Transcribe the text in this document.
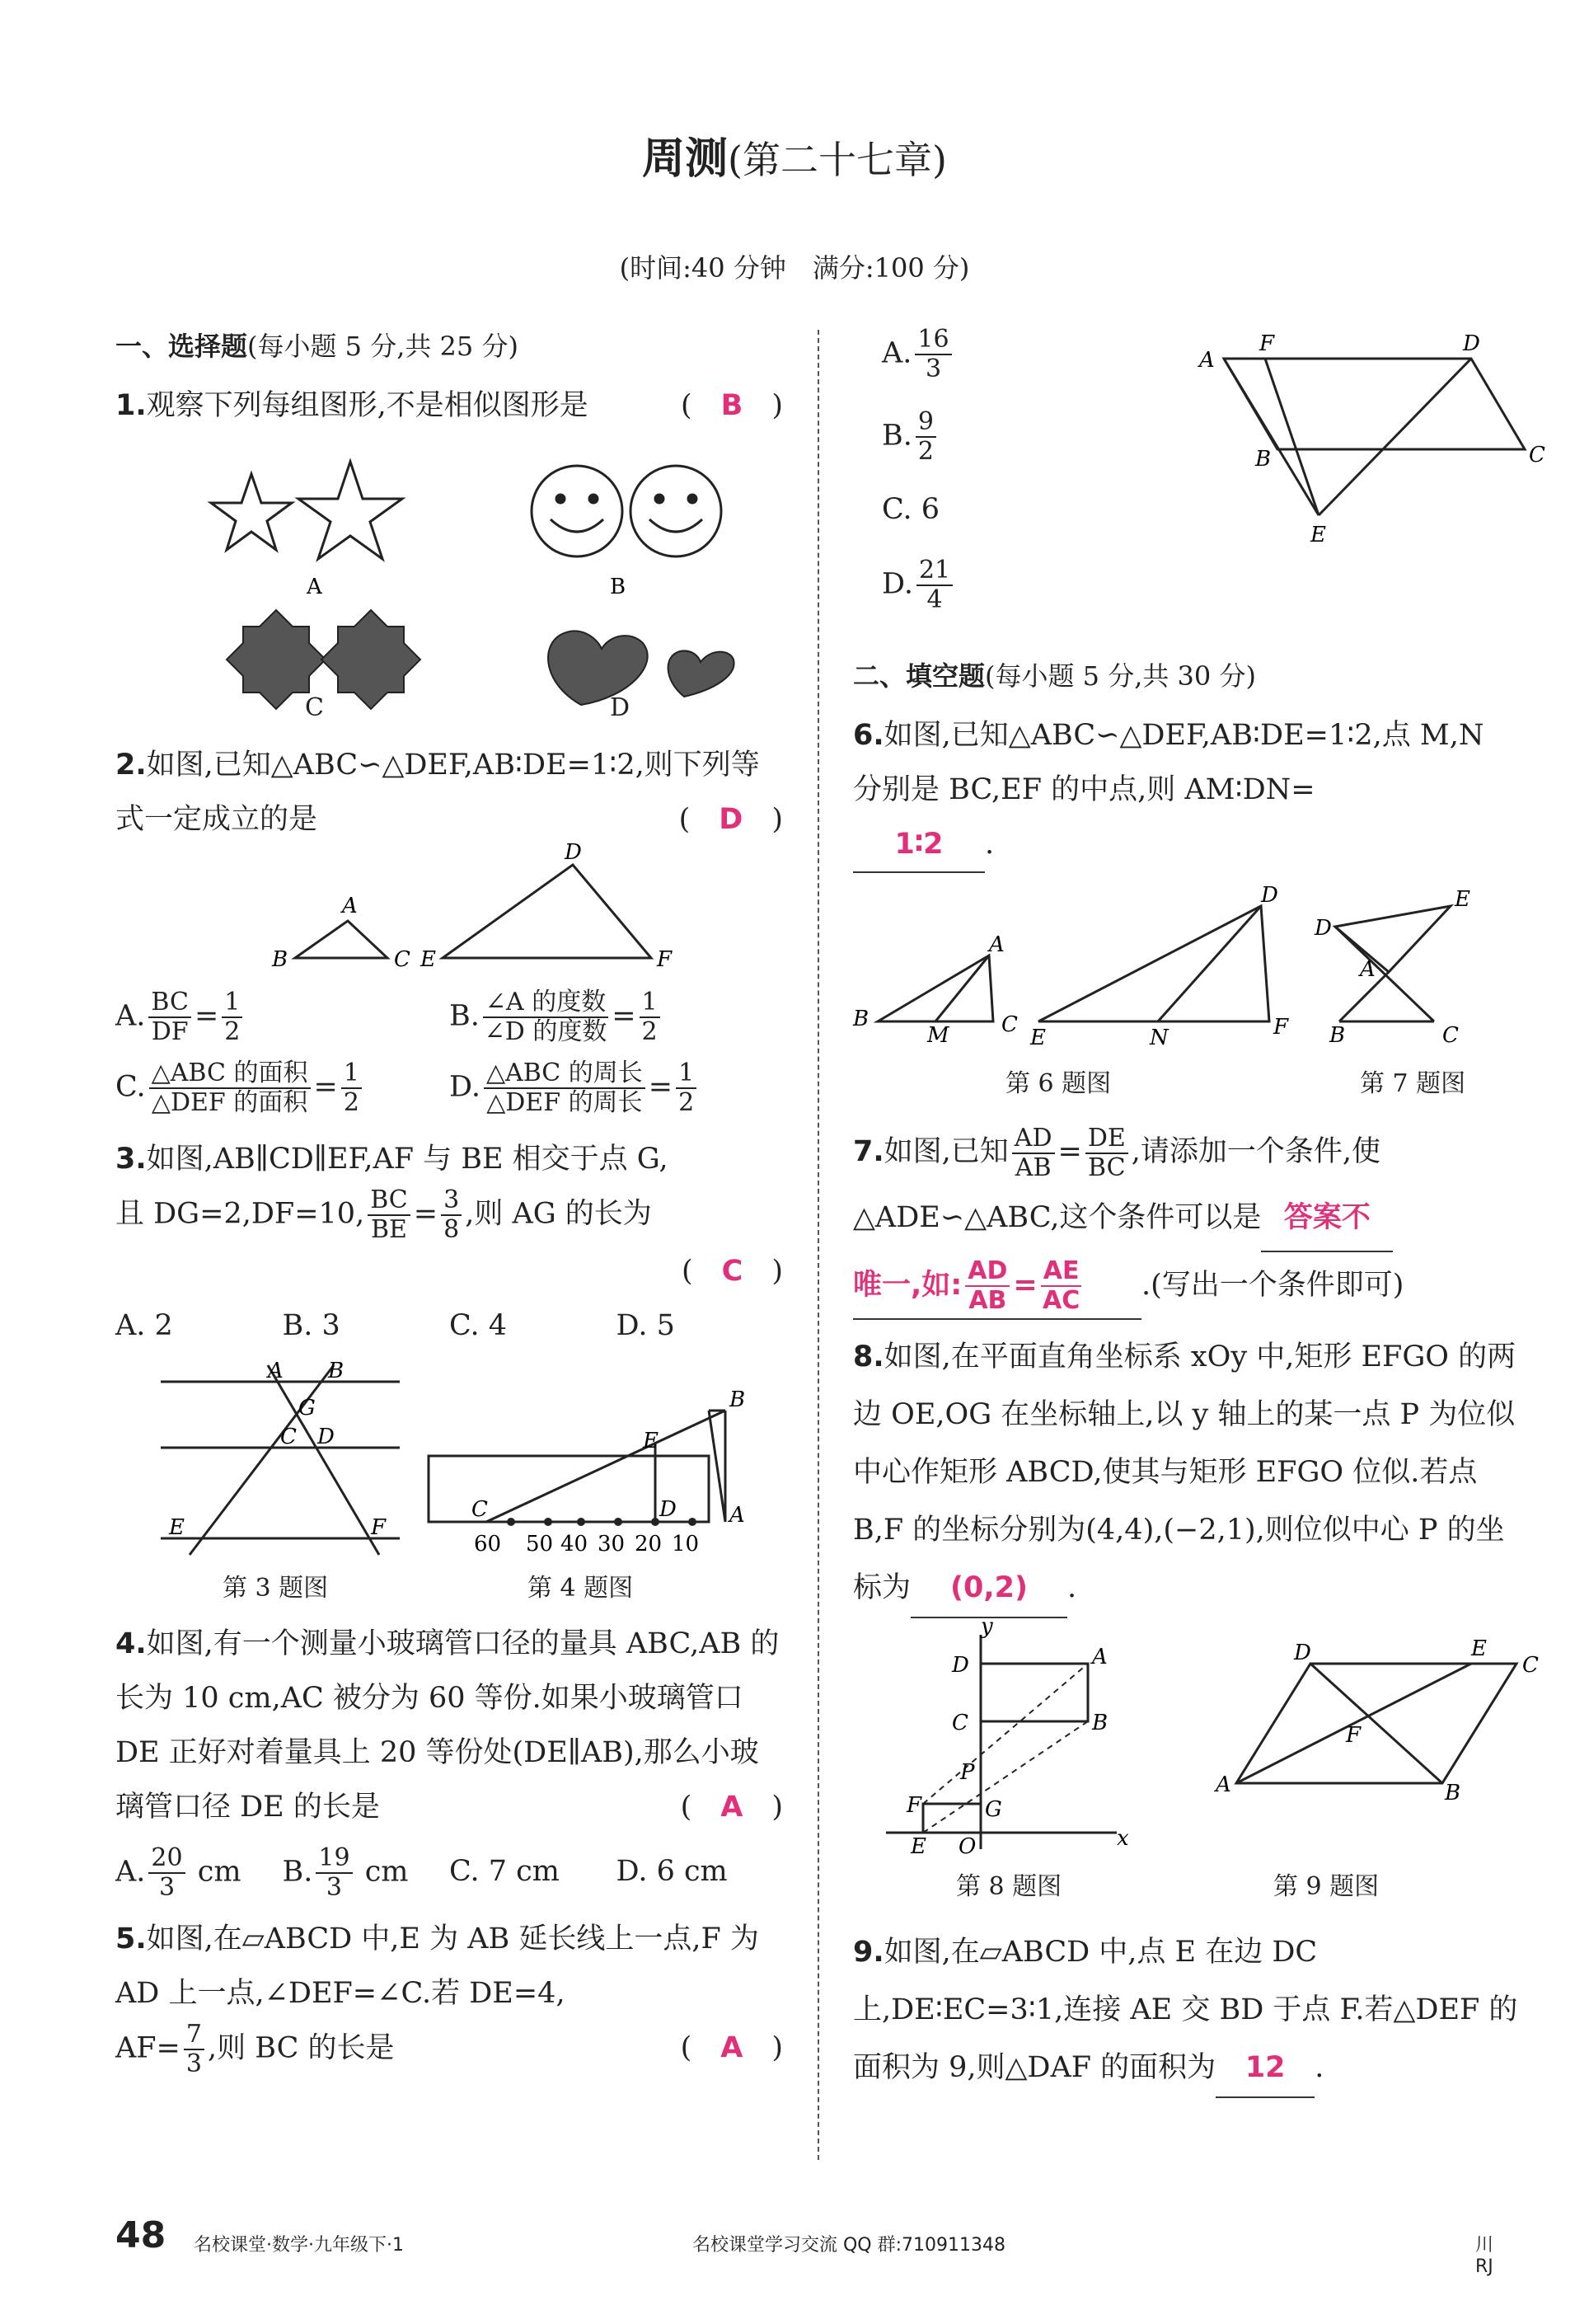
周测(第二十七章)
(时间:40 分钟　满分:100 分)
一、选择题(每小题 5 分,共 25 分)
1.观察下列每组图形,不是相似图形是	(　B　)
A	B
C	D
2.如图,已知△ABC∽△DEF,AB∶DE=1∶2,则下列等式一定成立的是	(　D　)
A
B	C
D
E	F
A. $\frac{BC}{DF} = \frac{1}{2}$	B. $\frac{\text{∠A 的度数}}{\text{∠D 的度数}} = \frac{1}{2}$
C. $\frac{\text{△ABC 的面积}}{\text{△DEF 的面积}} = \frac{1}{2}$	D. $\frac{\text{△ABC 的周长}}{\text{△DEF 的周长}} = \frac{1}{2}$
3.如图,AB∥CD∥EF,AF 与 BE 相交于点 G,
且 DG=2,DF=10, $\frac{BC}{BE} = \frac{3}{8}$ ,则 AG 的长为

(　C　)

A. 2	B. 3	C. 4	D. 5
A B
G
C D
E	F
C
E
B
D A
60 50 40 30 20 10
第 3 题图	第 4 题图
4.如图,有一个测量小玻璃管口径的量具 ABC,AB 的长为 10 cm,AC 被分为 60 等份.如果小玻璃管口 DE 正好对着量具上 20 等份处(DE∥AB),那么小玻璃管口径 DE 的长是	(　A　)
A. $\frac{20}{3}$ cm	B. $\frac{19}{3}$ cm	C. 7 cm	D. 6 cm
5.如图,在▱ABCD 中,E 为 AB 延长线上一点,F 为 AD 上一点,∠DEF=∠C.若 DE=4,
$AF= \frac{7}{3}$ ,则 BC 的长是	(　A　)
A. $\frac{16}{3}$
B. $\frac{9}{2}$
C. 6
D. $\frac{21}{4}$
A
F	D
B	C
E
二、填空题(每小题 5 分,共 30 分)
6.如图,已知△ABC∽△DEF,AB∶DE=1∶2,点 M,N 分别是 BC,EF 的中点,则 AM∶DN=
1∶2 .
B
A
C
M	E
D
F
N
D
E
A
B	C
第 6 题图	第 7 题图
7.如图,已知 $\frac{AD}{AB} = \frac{DE}{BC}$ ,请添加一个条件,使△ADE∽△ABC,这个条件可以是 答案不
唯一,如: $\frac{AD}{AB} = \frac{AE}{AC}$ .(写出一个条件即可)
8.如图,在平面直角坐标系 xOy 中,矩形 EFGO 的两边 OE,OG 在坐标轴上,以 y 轴上的某一点 P 为位似中心作矩形 ABCD,使其与矩形 EFGO 位似.若点 B,F 的坐标分别为(4,4),(−2,1),则位似中心 P 的坐标为 (0,2) .
y
x
D	A
C	B
P
F	G
E O
D	E
C
F
A	B
第 8 题图	第 9 题图
9.如图,在▱ABCD 中,点 E 在边 DC 上,DE∶EC=3∶1,连接 AE 交 BD 于点 F.若△DEF 的面积为 9,则△DAF 的面积为 12 .
48 名校课堂·数学·九年级下·1	名校课堂学习交流 QQ 群:710911348	川 RJ
